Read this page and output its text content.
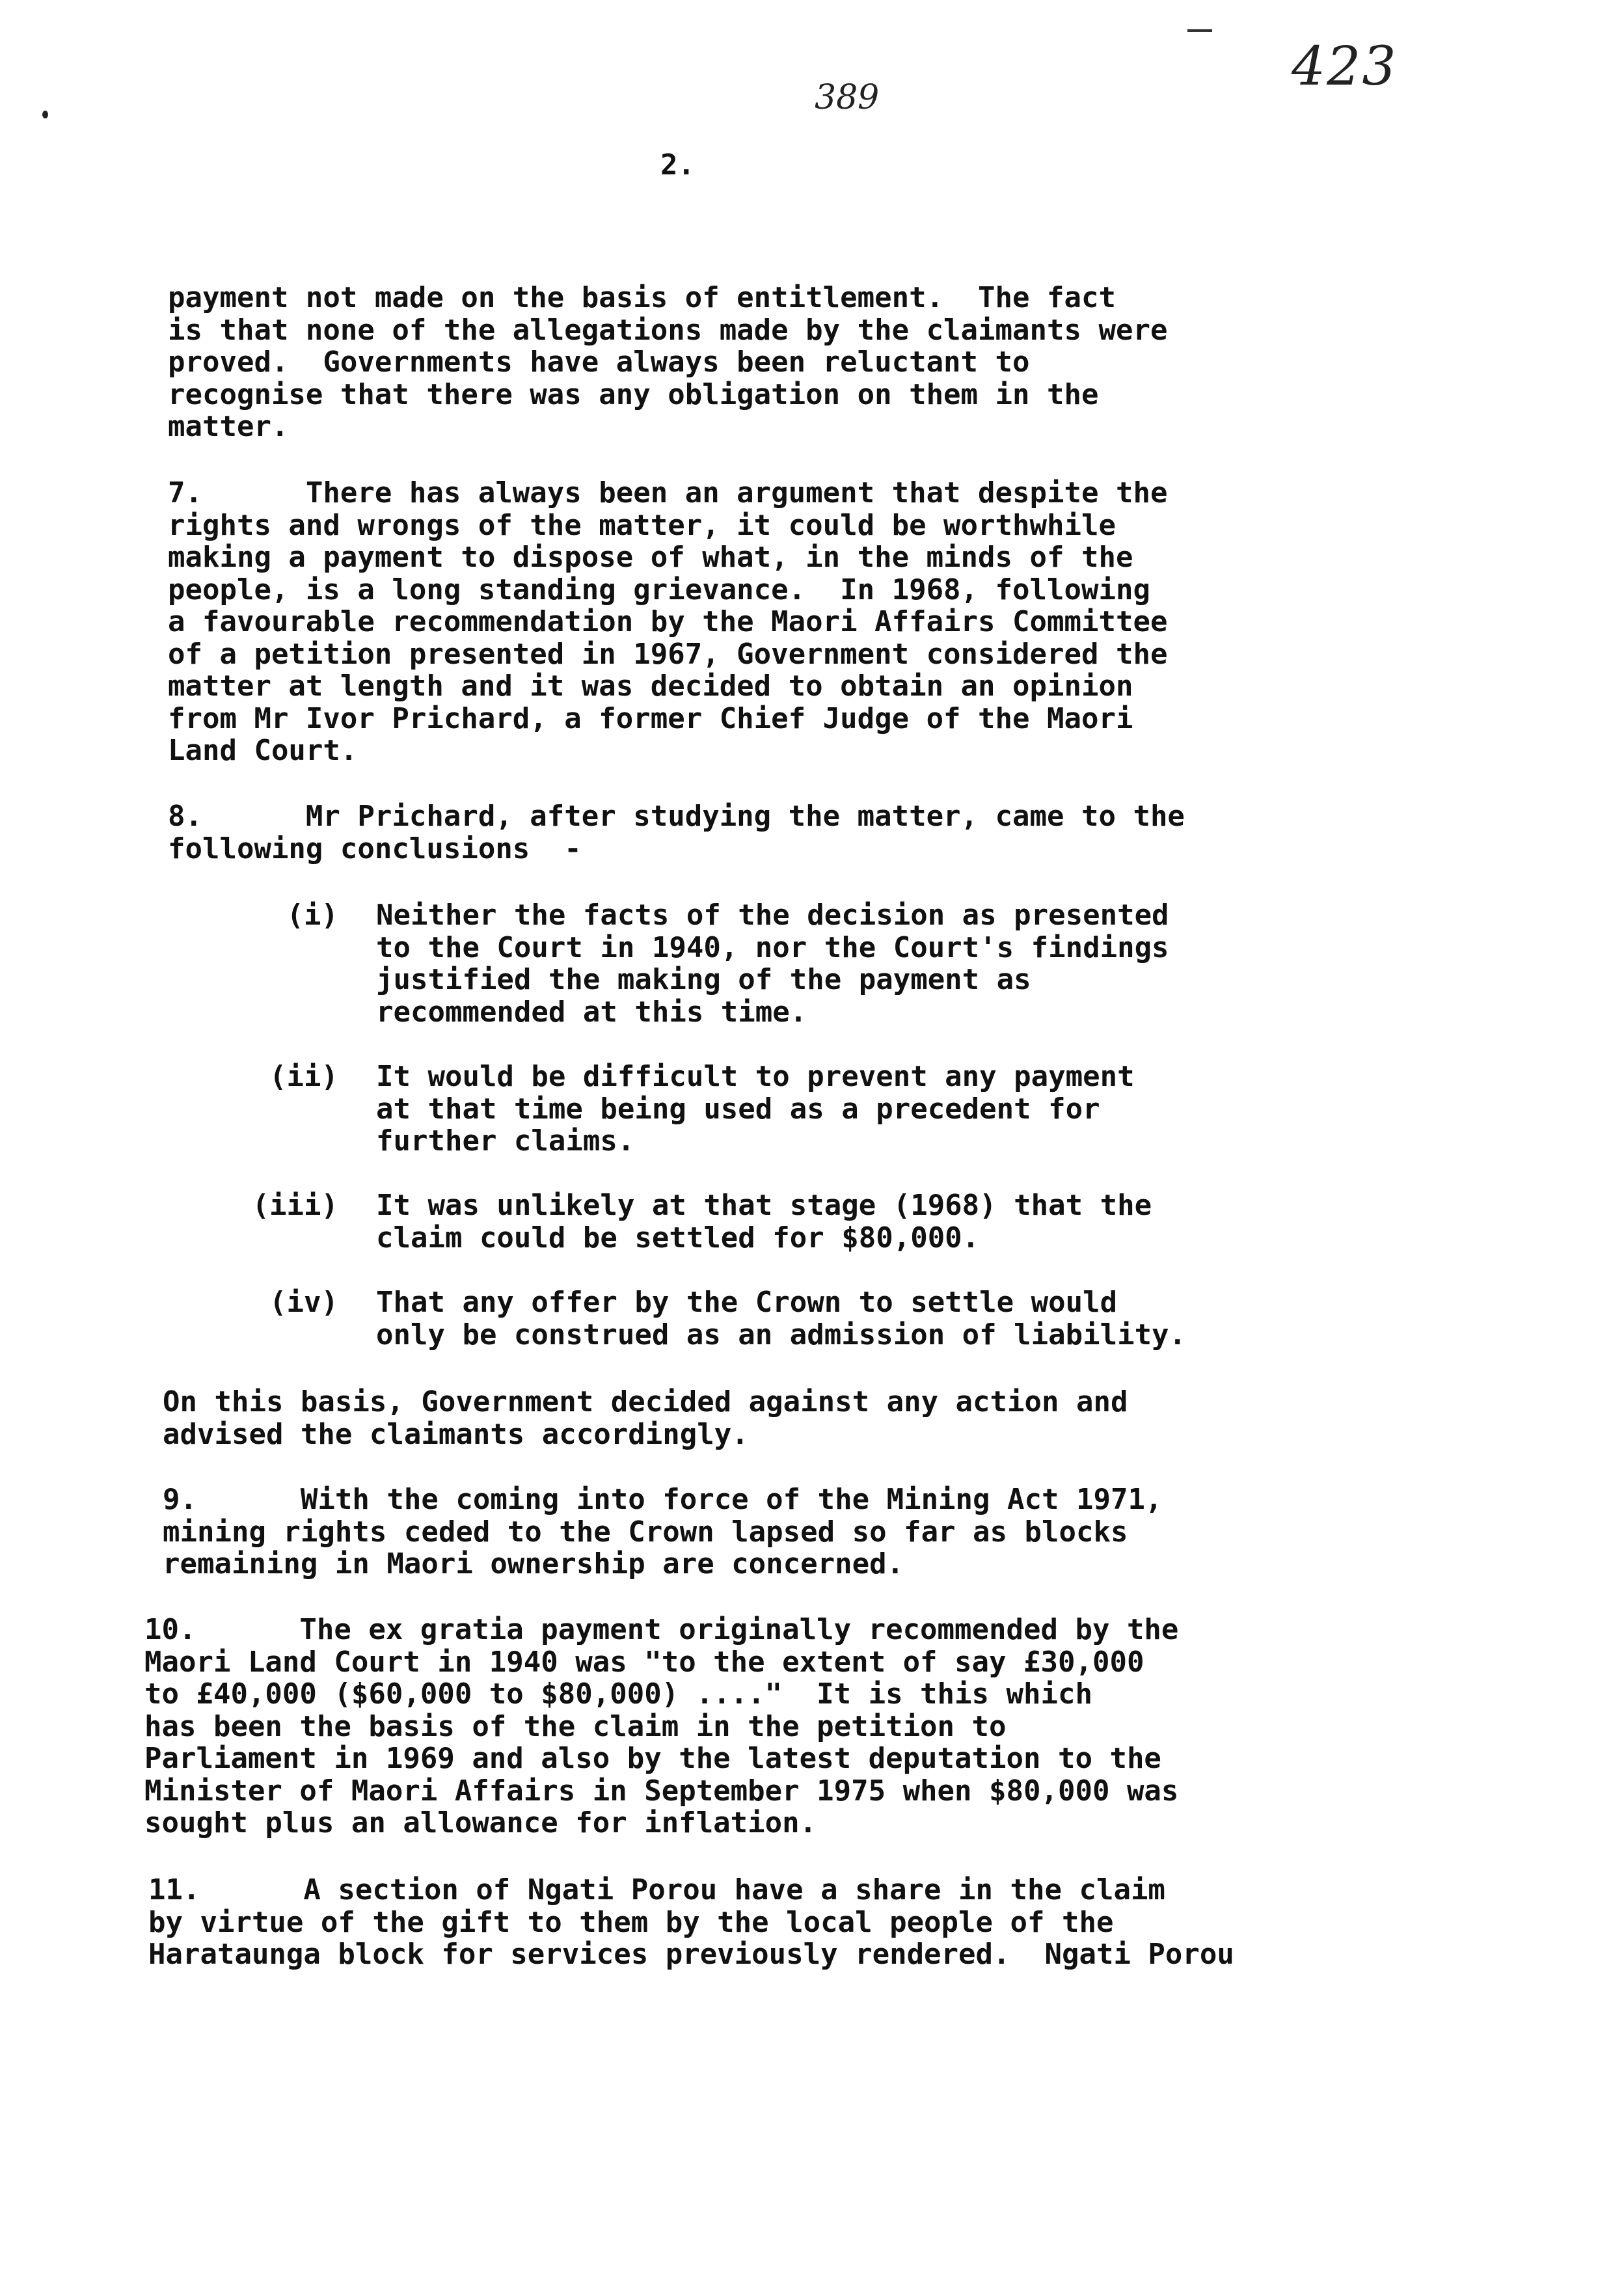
423
389
2.
payment not made on the basis of entitlement.  The fact
is that none of the allegations made by the claimants were
proved.  Governments have always been reluctant to
recognise that there was any obligation on them in the
matter.
7.      There has always been an argument that despite the
rights and wrongs of the matter, it could be worthwhile
making a payment to dispose of what, in the minds of the
people, is a long standing grievance.  In 1968, following
a favourable recommendation by the Maori Affairs Committee
of a petition presented in 1967, Government considered the
matter at length and it was decided to obtain an opinion
from Mr Ivor Prichard, a former Chief Judge of the Maori
Land Court.
8.      Mr Prichard, after studying the matter, came to the
following conclusions  -
(i) Neither the facts of the decision as presented
to the Court in 1940, nor the Court's findings
justified the making of the payment as
recommended at this time.
(ii) It would be difficult to prevent any payment
at that time being used as a precedent for
further claims.
(iii) It was unlikely at that stage (1968) that the
claim could be settled for $80,000.
(iv) That any offer by the Crown to settle would
only be construed as an admission of liability.
On this basis, Government decided against any action and
advised the claimants accordingly.
9.      With the coming into force of the Mining Act 1971,
mining rights ceded to the Crown lapsed so far as blocks
remaining in Maori ownership are concerned.
10.      The ex gratia payment originally recommended by the
Maori Land Court in 1940 was "to the extent of say £30,000
to £40,000 ($60,000 to $80,000) ...."  It is this which
has been the basis of the claim in the petition to
Parliament in 1969 and also by the latest deputation to the
Minister of Maori Affairs in September 1975 when $80,000 was
sought plus an allowance for inflation.
11.      A section of Ngati Porou have a share in the claim
by virtue of the gift to them by the local people of the
Harataunga block for services previously rendered.  Ngati Porou
